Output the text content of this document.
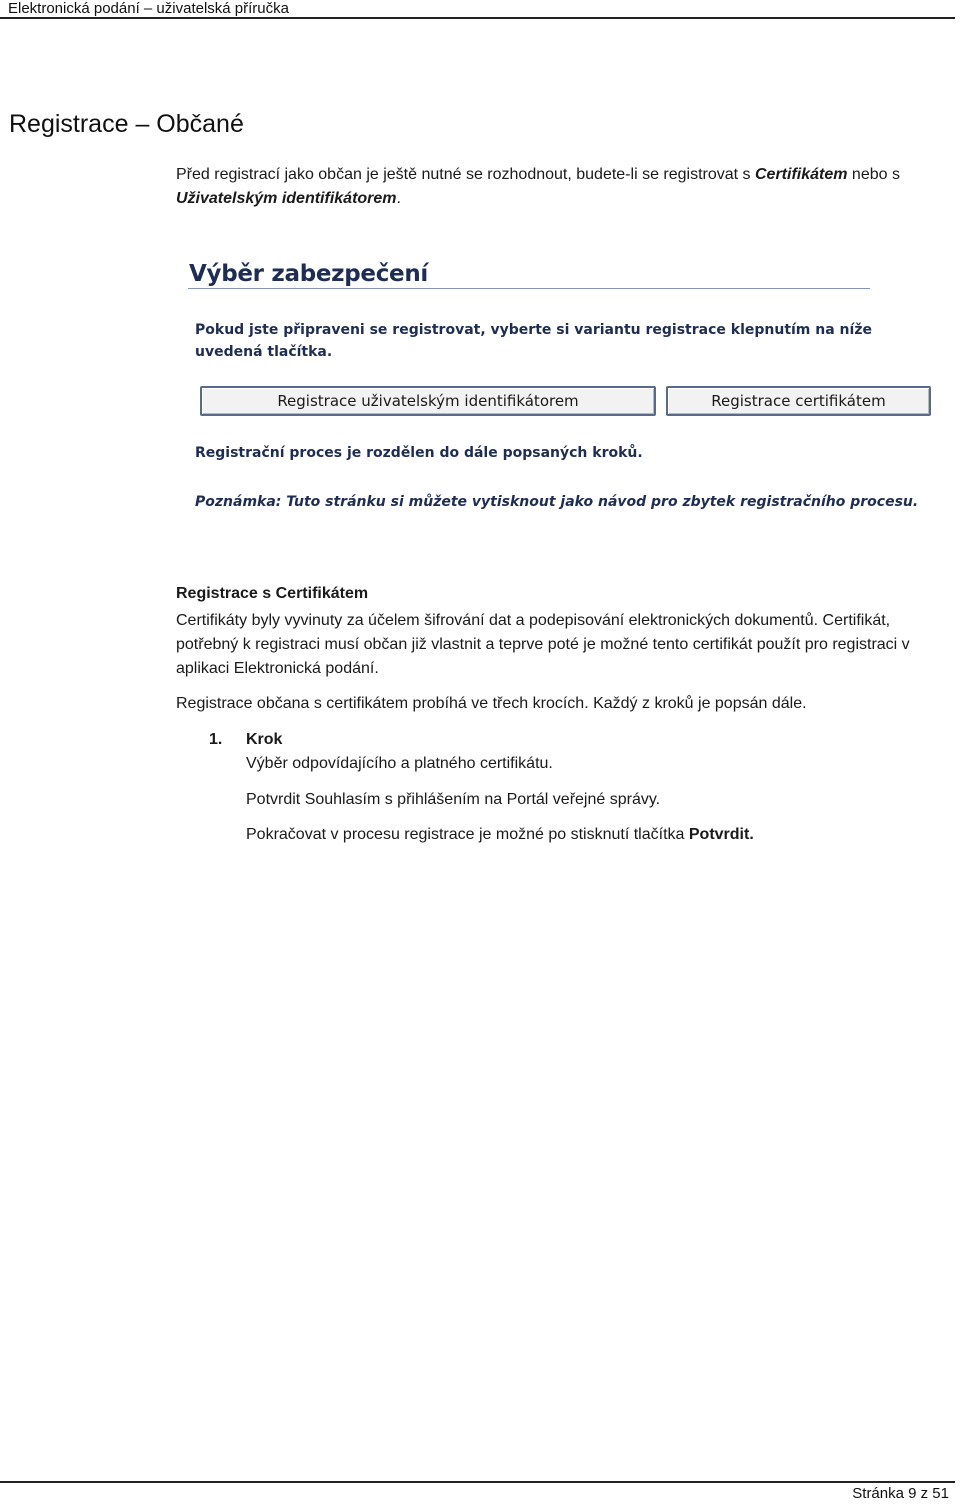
Elektronická podání – uživatelská příručka
Registrace – Občané
Před registrací jako občan je ještě nutné se rozhodnout, budete-li se registrovat s Certifikátem nebo s Uživatelským identifikátorem.
Výběr zabezpečení
Pokud jste připraveni se registrovat, vyberte si variantu registrace klepnutím na níže uvedená tlačítka.
Registrace uživatelským identifikátorem	Registrace certifikátem
Registrační proces je rozdělen do dále popsaných kroků.
Poznámka: Tuto stránku si můžete vytisknout jako návod pro zbytek registračního procesu.
Registrace s Certifikátem
Certifikáty byly vyvinuty za účelem šifrování dat a podepisování elektronických dokumentů. Certifikát, potřebný k registraci musí občan již vlastnit a teprve poté je možné tento certifikát použít pro registraci v aplikaci Elektronická podání.
Registrace občana s certifikátem probíhá ve třech krocích. Každý z kroků je popsán dále.
1. Krok
Výběr odpovídajícího a platného certifikátu.
Potvrdit Souhlasím s přihlášením na Portál veřejné správy.
Pokračovat v procesu registrace je možné po stisknutí tlačítka Potvrdit.
Stránka 9 z 51
